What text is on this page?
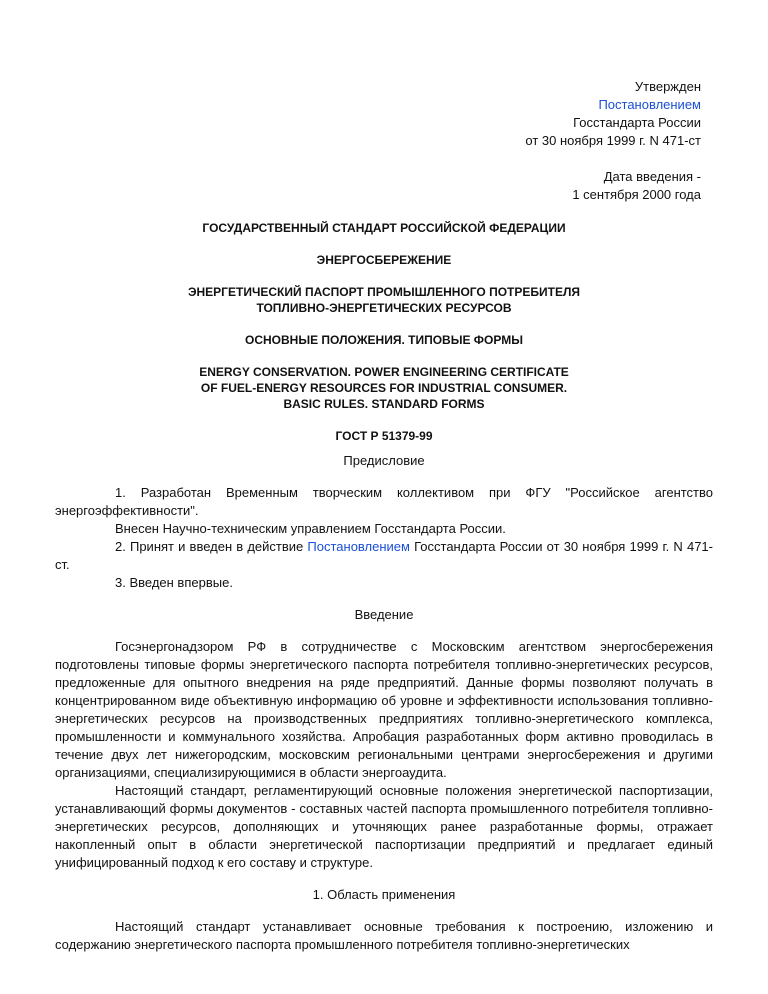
Утвержден
Постановлением
Госстандарта России
от 30 ноября 1999 г. N 471-ст
Дата введения -
1 сентября 2000 года
ГОСУДАРСТВЕННЫЙ СТАНДАРТ РОССИЙСКОЙ ФЕДЕРАЦИИ
ЭНЕРГОСБЕРЕЖЕНИЕ
ЭНЕРГЕТИЧЕСКИЙ ПАСПОРТ ПРОМЫШЛЕННОГО ПОТРЕБИТЕЛЯ
ТОПЛИВНО-ЭНЕРГЕТИЧЕСКИХ РЕСУРСОВ
ОСНОВНЫЕ ПОЛОЖЕНИЯ. ТИПОВЫЕ ФОРМЫ
ENERGY CONSERVATION. POWER ENGINEERING CERTIFICATE
OF FUEL-ENERGY RESOURCES FOR INDUSTRIAL CONSUMER.
BASIC RULES. STANDARD FORMS
ГОСТ Р 51379-99
Предисловие

1. Разработан Временным творческим коллективом при ФГУ "Российское агентство энергоэффективности".

Внесен Научно-техническим управлением Госстандарта России.

2. Принят и введен в действие Постановлением Госстандарта России от 30 ноября 1999 г. N 471-ст.

3. Введен впервые.

Введение

Госэнергонадзором РФ в сотрудничестве с Московским агентством энергосбережения подготовлены типовые формы энергетического паспорта потребителя топливно-энергетических ресурсов, предложенные для опытного внедрения на ряде предприятий. Данные формы позволяют получать в концентрированном виде объективную информацию об уровне и эффективности использования топливно-энергетических ресурсов на производственных предприятиях топливно-энергетического комплекса, промышленности и коммунального хозяйства. Апробация разработанных форм активно проводилась в течение двух лет нижегородским, московским региональными центрами энергосбережения и другими организациями, специализирующимися в области энергоаудита.

Настоящий стандарт, регламентирующий основные положения энергетической паспортизации, устанавливающий формы документов - составных частей паспорта промышленного потребителя топливно-энергетических ресурсов, дополняющих и уточняющих ранее разработанные формы, отражает накопленный опыт в области энергетической паспортизации предприятий и предлагает единый унифицированный подход к его составу и структуре.

1. Область применения

Настоящий стандарт устанавливает основные требования к построению, изложению и содержанию энергетического паспорта промышленного потребителя топливно-энергетических
